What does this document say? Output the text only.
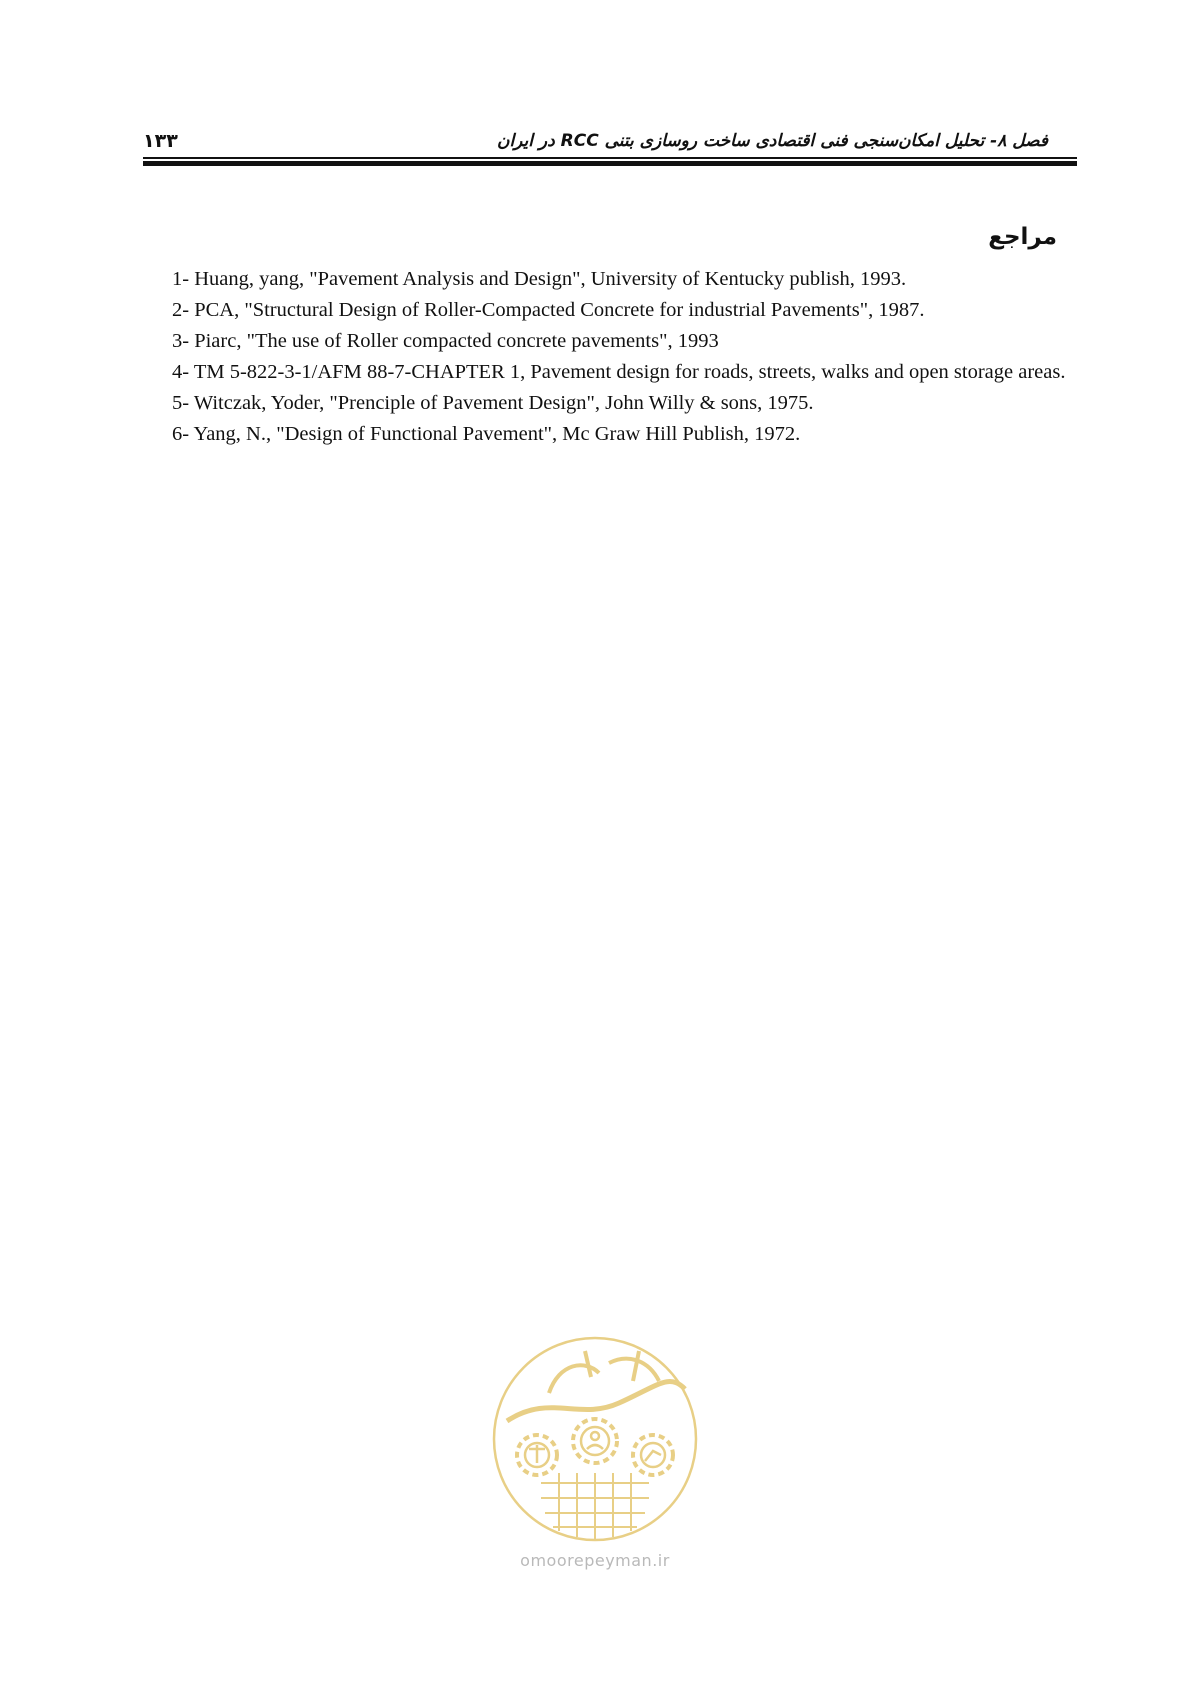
۱۳۳	فصل ۸- تحلیل امکان‌سنجی فنی اقتصادی ساخت روسازی بتنی RCC در ایران
مراجع
1- Huang, yang, "Pavement Analysis and Design", University of Kentucky publish, 1993.
2- PCA, "Structural Design of Roller-Compacted Concrete for industrial Pavements", 1987.
3- Piarc, "The use of Roller compacted concrete pavements", 1993
4- TM 5-822-3-1/AFM 88-7-CHAPTER 1, Pavement design for roads, streets, walks and open storage areas.
5- Witczak, Yoder, "Prenciple of Pavement Design", John Willy & sons, 1975.
6- Yang, N., "Design of Functional Pavement", Mc Graw Hill Publish, 1972.
omoorepeyman.ir
